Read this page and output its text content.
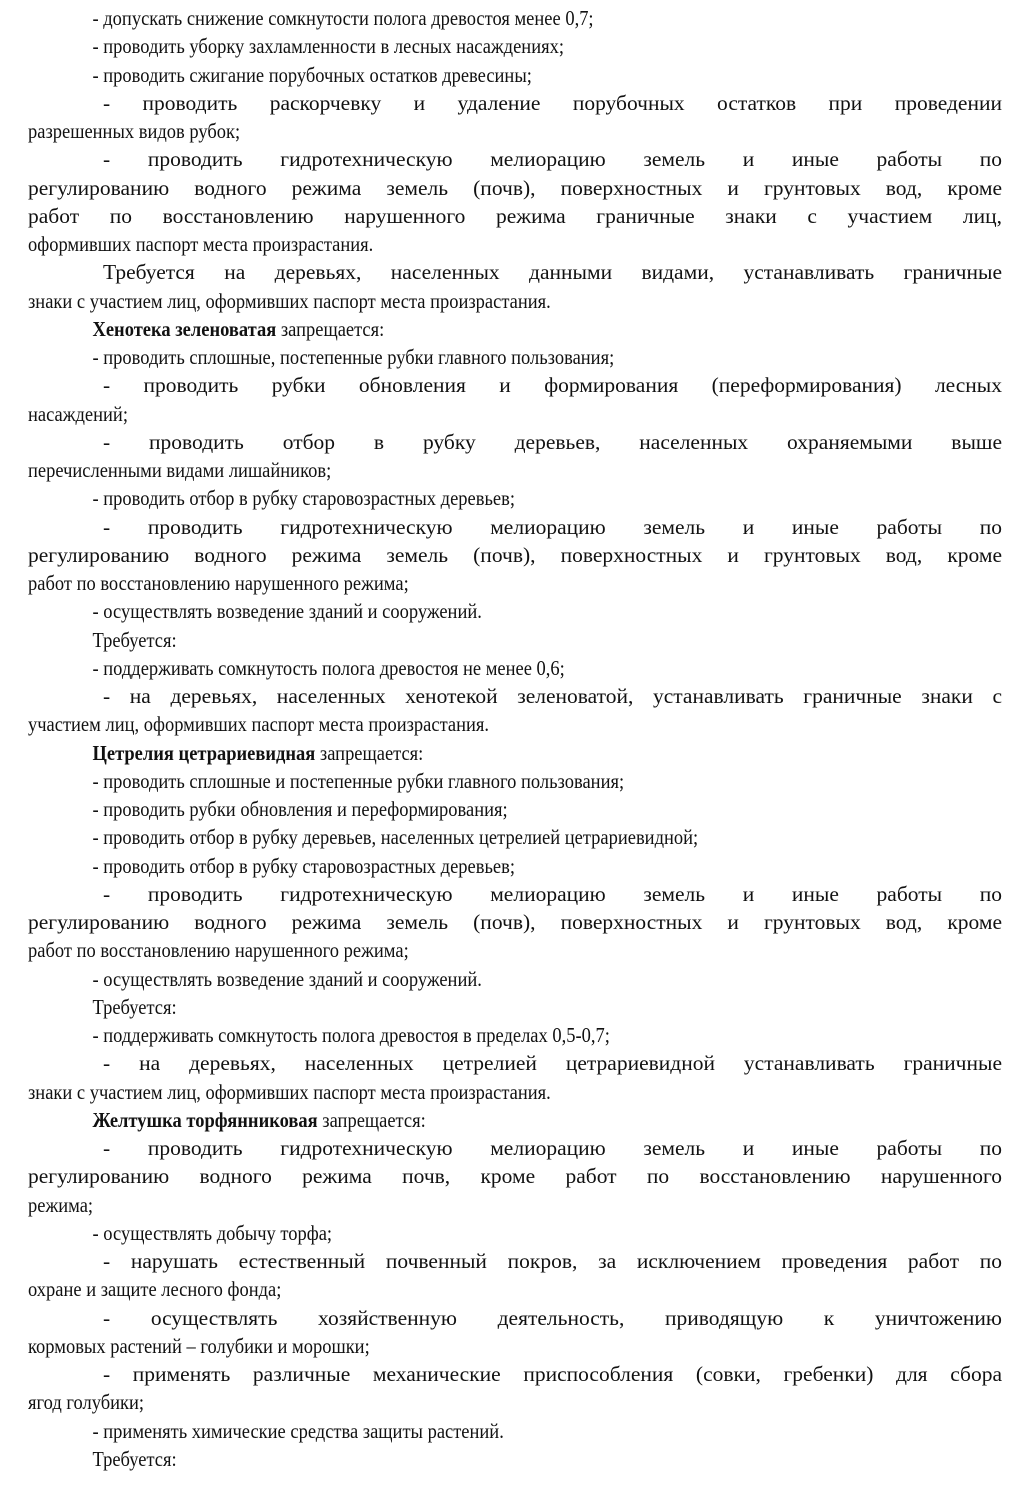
- допускать снижение сомкнутости полога древостоя менее 0,7;
- проводить уборку захламленности в лесных насаждениях;
- проводить сжигание порубочных остатков древесины;
- проводить раскорчевку и удаление порубочных остатков при проведении
разрешенных видов рубок;
- проводить гидротехническую мелиорацию земель и иные работы по
регулированию водного режима земель (почв), поверхностных и грунтовых вод, кроме
работ по восстановлению нарушенного режима граничные знаки с участием лиц,
оформивших паспорт места произрастания.
Требуется на деревьях, населенных данными видами, устанавливать граничные
знаки с участием лиц, оформивших паспорт места произрастания.
Хенотека зеленоватая запрещается:
- проводить сплошные, постепенные рубки главного пользования;
- проводить рубки обновления и формирования (переформирования) лесных
насаждений;
- проводить отбор в рубку деревьев, населенных охраняемыми выше
перечисленными видами лишайников;
- проводить отбор в рубку старовозрастных деревьев;
- проводить гидротехническую мелиорацию земель и иные работы по
регулированию водного режима земель (почв), поверхностных и грунтовых вод, кроме
работ по восстановлению нарушенного режима;
- осуществлять возведение зданий и сооружений.
Требуется:
- поддерживать сомкнутость полога древостоя не менее 0,6;
- на деревьях, населенных хенотекой зеленоватой, устанавливать граничные знаки с
участием лиц, оформивших паспорт места произрастания.
Цетрелия цетрариевидная запрещается:
- проводить сплошные и постепенные рубки главного пользования;
- проводить рубки обновления и переформирования;
- проводить отбор в рубку деревьев, населенных цетрелией цетрариевидной;
- проводить отбор в рубку старовозрастных деревьев;
- проводить гидротехническую мелиорацию земель и иные работы по
регулированию водного режима земель (почв), поверхностных и грунтовых вод, кроме
работ по восстановлению нарушенного режима;
- осуществлять возведение зданий и сооружений.
Требуется:
- поддерживать сомкнутость полога древостоя в пределах 0,5-0,7;
- на деревьях, населенных цетрелией цетрариевидной устанавливать граничные
знаки с участием лиц, оформивших паспорт места произрастания.
Желтушка торфянниковая запрещается:
- проводить гидротехническую мелиорацию земель и иные работы по
регулированию водного режима почв, кроме работ по восстановлению нарушенного
режима;
- осуществлять добычу торфа;
- нарушать естественный почвенный покров, за исключением проведения работ по
охране и защите лесного фонда;
- осуществлять хозяйственную деятельность, приводящую к уничтожению
кормовых растений – голубики и морошки;
- применять различные механические приспособления (совки, гребенки) для сбора
ягод голубики;
- применять химические средства защиты растений.
Требуется:
